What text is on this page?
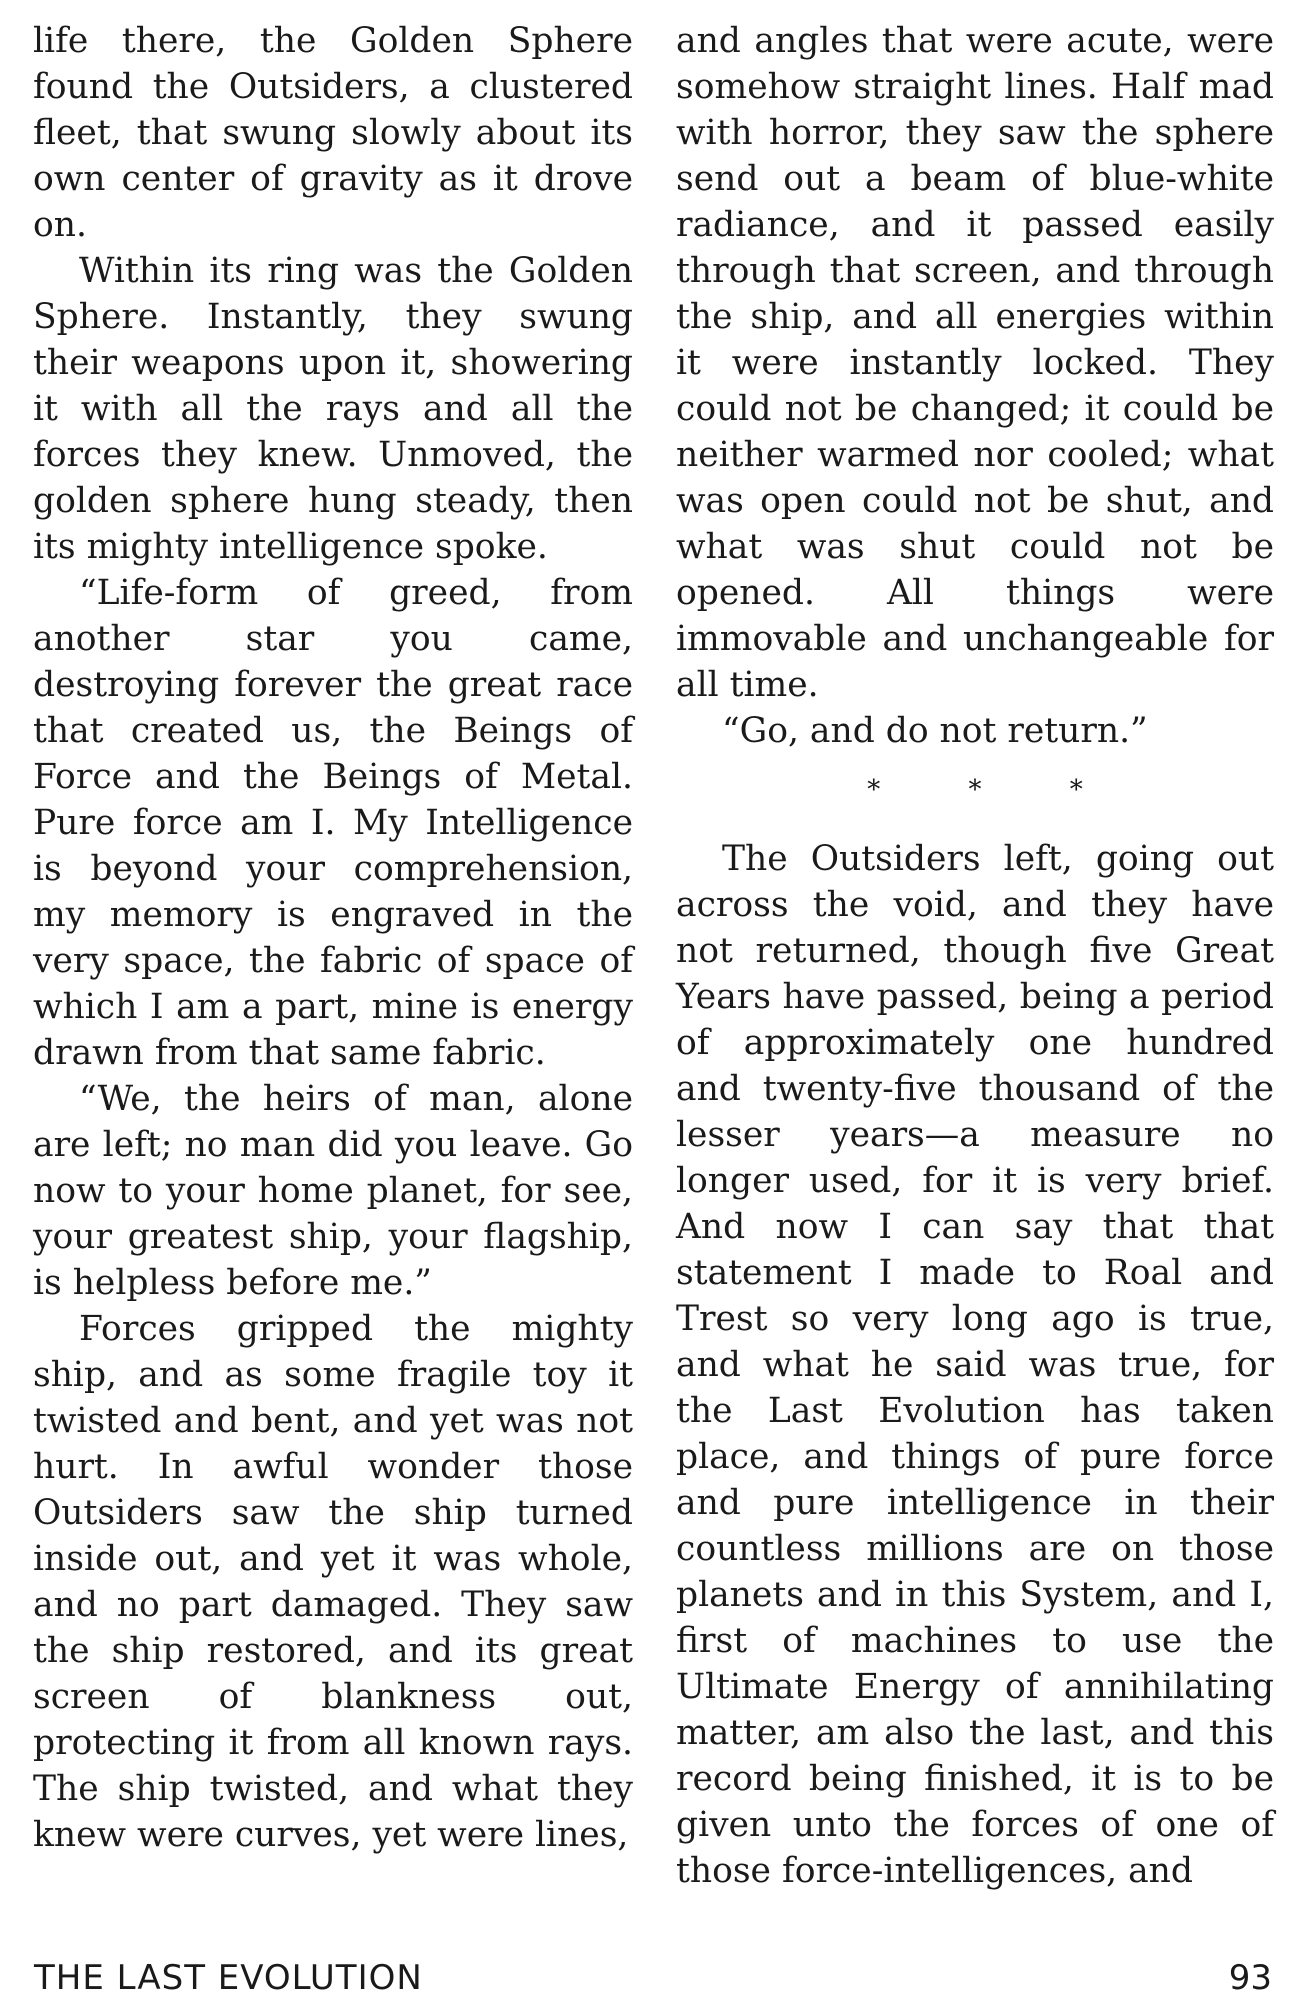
life there, the Golden Sphere found the Outsiders, a clustered fleet, that swung slowly about its own center of gravity as it drove on.

Within its ring was the Golden Sphere. Instantly, they swung their weapons upon it, showering it with all the rays and all the forces they knew. Unmoved, the golden sphere hung steady, then its mighty intelligence spoke.

“Life-form of greed, from another star you came, destroying forever the great race that created us, the Beings of Force and the Beings of Metal. Pure force am I. My Intelligence is beyond your comprehension, my memory is engraved in the very space, the fabric of space of which I am a part, mine is energy drawn from that same fabric.

“We, the heirs of man, alone are left; no man did you leave. Go now to your home planet, for see, your greatest ship, your flagship, is helpless before me.”

Forces gripped the mighty ship, and as some fragile toy it twisted and bent, and yet was not hurt. In awful wonder those Outsiders saw the ship turned inside out, and yet it was whole, and no part damaged. They saw the ship restored, and its great screen of blankness out, protecting it from all known rays. The ship twisted, and what they knew were curves, yet were lines,

and angles that were acute, were somehow straight lines. Half mad with horror, they saw the sphere send out a beam of blue-white radiance, and it passed easily through that screen, and through the ship, and all energies within it were instantly locked. They could not be changed; it could be neither warmed nor cooled; what was open could not be shut, and what was shut could not be opened. All things were immovable and unchangeable for all time.

“Go, and do not return.”

* * *

The Outsiders left, going out across the void, and they have not returned, though five Great Years have passed, being a period of approximately one hundred and twenty-five thousand of the lesser years—a measure no longer used, for it is very brief. And now I can say that that statement I made to Roal and Trest so very long ago is true, and what he said was true, for the Last Evolution has taken place, and things of pure force and pure intelligence in their countless millions are on those planets and in this System, and I, first of machines to use the Ultimate Energy of annihilating matter, am also the last, and this record being finished, it is to be given unto the forces of one of those force-intelligences, and

THE LAST EVOLUTION	93
